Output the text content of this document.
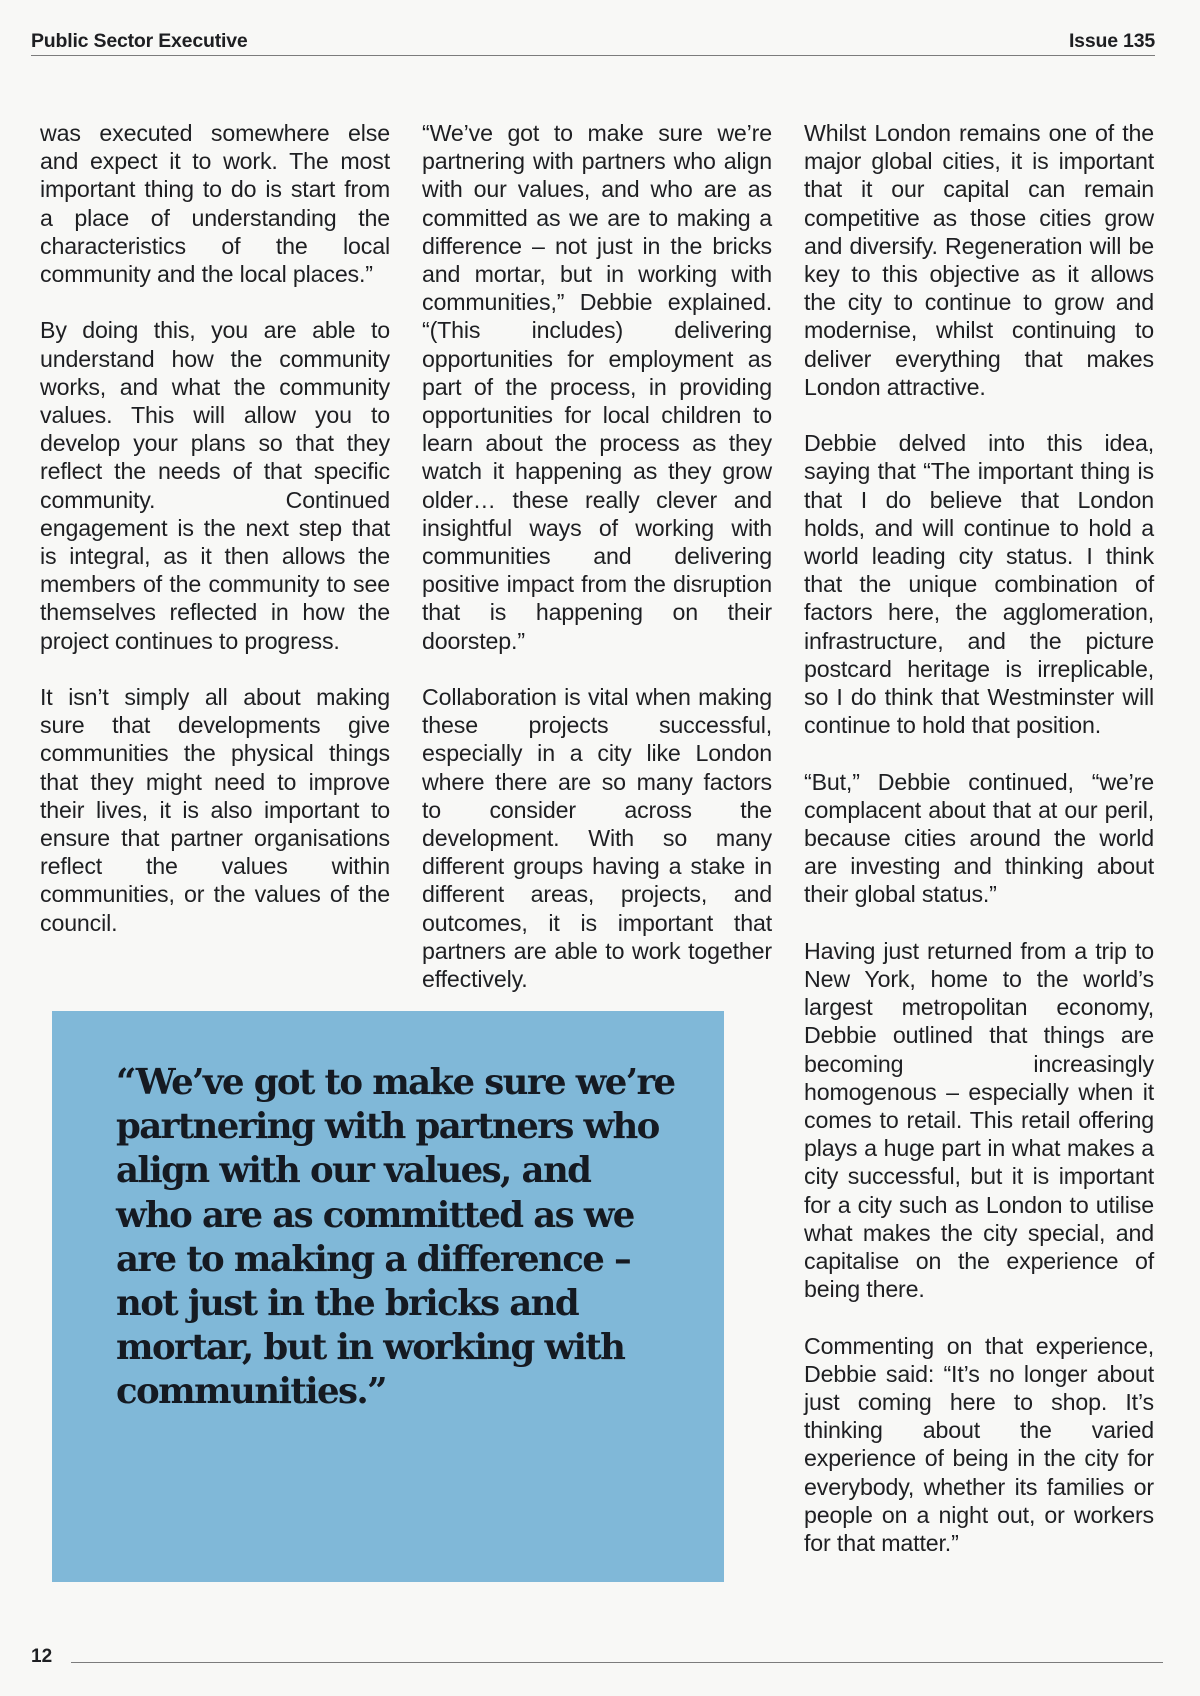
Public Sector Executive	Issue 135

was executed somewhere else and expect it to work. The most important thing to do is start from a place of understanding the characteristics of the local community and the local places.”

By doing this, you are able to understand how the community works, and what the community values. This will allow you to develop your plans so that they reflect the needs of that specific community. Continued engagement is the next step that is integral, as it then allows the members of the community to see themselves reflected in how the project continues to progress.

It isn’t simply all about making sure that developments give communities the physical things that they might need to improve their lives, it is also important to ensure that partner organisations reflect the values within communities, or the values of the council.

“We’ve got to make sure we’re partnering with partners who align with our values, and who are as committed as we are to making a difference – not just in the bricks and mortar, but in working with communities,” Debbie explained. “(This includes) delivering opportunities for employment as part of the process, in providing opportunities for local children to learn about the process as they watch it happening as they grow older… these really clever and insightful ways of working with communities and delivering positive impact from the disruption that is happening on their doorstep.”

Collaboration is vital when making these projects successful, especially in a city like London where there are so many factors to consider across the development. With so many different groups having a stake in different areas, projects, and outcomes, it is important that partners are able to work together effectively.

Whilst London remains one of the major global cities, it is important that it our capital can remain competitive as those cities grow and diversify. Regeneration will be key to this objective as it allows the city to continue to grow and modernise, whilst continuing to deliver everything that makes London attractive.

Debbie delved into this idea, saying that “The important thing is that I do believe that London holds, and will continue to hold a world leading city status. I think that the unique combination of factors here, the agglomeration, infrastructure, and the picture postcard heritage is irreplicable, so I do think that Westminster will continue to hold that position.

“But,” Debbie continued, “we’re complacent about that at our peril, because cities around the world are investing and thinking about their global status.”

Having just returned from a trip to New York, home to the world’s largest metropolitan economy, Debbie outlined that things are becoming increasingly homogenous – especially when it comes to retail. This retail offering plays a huge part in what makes a city successful, but it is important for a city such as London to utilise what makes the city special, and capitalise on the experience of being there.

Commenting on that experience, Debbie said: “It’s no longer about just coming here to shop. It’s thinking about the varied experience of being in the city for everybody, whether its families or people on a night out, or workers for that matter.”

“We’ve got to make sure we’re partnering with partners who align with our values, and who are as committed as we are to making a difference – not just in the bricks and mortar, but in working with communities.”

12
